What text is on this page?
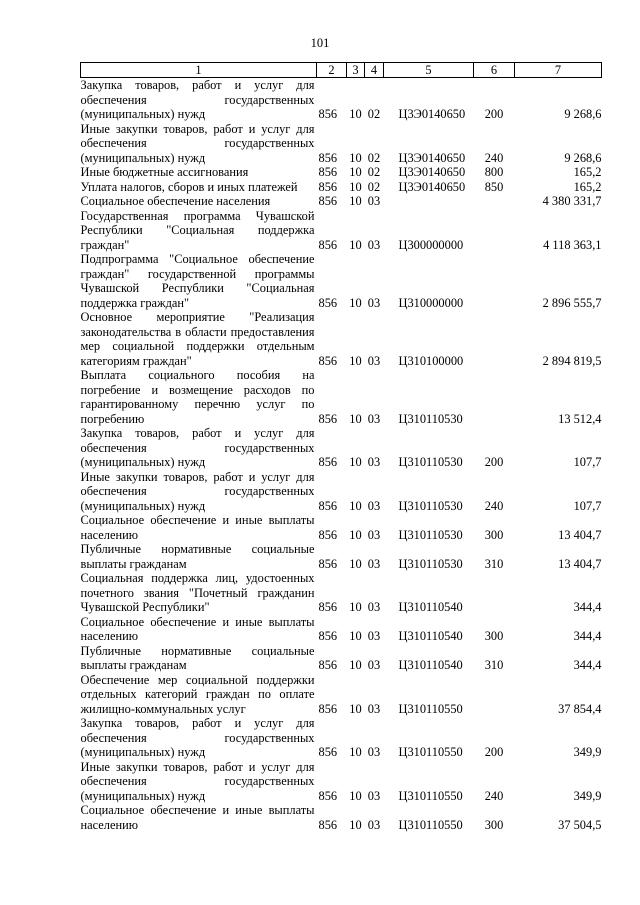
101
1	2	3	4	5	6	7
Закупка товаров, работ и услуг для обеспечения государственных (муниципальных) нужд	856	10	02	Ц3Э0140650	200	9 268,6
Иные закупки товаров, работ и услуг для обеспечения государственных (муниципальных) нужд	856	10	02	Ц3Э0140650	240	9 268,6
Иные бюджетные ассигнования	856	10	02	Ц3Э0140650	800	165,2
Уплата налогов, сборов и иных платежей	856	10	02	Ц3Э0140650	850	165,2
Социальное обеспечение населения	856	10	03			4 380 331,7
Государственная программа Чувашской Республики "Социальная поддержка граждан"	856	10	03	Ц300000000		4 118 363,1
Подпрограмма "Социальное обеспечение граждан" государственной программы Чувашской Республики "Социальная поддержка граждан"	856	10	03	Ц310000000		2 896 555,7
Основное мероприятие "Реализация законодательства в области предоставления мер социальной поддержки отдельным категориям граждан"	856	10	03	Ц310100000		2 894 819,5
Выплата социального пособия на погребение и возмещение расходов по гарантированному перечню услуг по погребению	856	10	03	Ц310110530		13 512,4
Закупка товаров, работ и услуг для обеспечения государственных (муниципальных) нужд	856	10	03	Ц310110530	200	107,7
Иные закупки товаров, работ и услуг для обеспечения государственных (муниципальных) нужд	856	10	03	Ц310110530	240	107,7
Социальное обеспечение и иные выплаты населению	856	10	03	Ц310110530	300	13 404,7
Публичные нормативные социальные выплаты гражданам	856	10	03	Ц310110530	310	13 404,7
Социальная поддержка лиц, удостоенных почетного звания "Почетный гражданин Чувашской Республики"	856	10	03	Ц310110540		344,4
Социальное обеспечение и иные выплаты населению	856	10	03	Ц310110540	300	344,4
Публичные нормативные социальные выплаты гражданам	856	10	03	Ц310110540	310	344,4
Обеспечение мер социальной поддержки отдельных категорий граждан по оплате жилищно-коммунальных услуг	856	10	03	Ц310110550		37 854,4
Закупка товаров, работ и услуг для обеспечения государственных (муниципальных) нужд	856	10	03	Ц310110550	200	349,9
Иные закупки товаров, работ и услуг для обеспечения государственных (муниципальных) нужд	856	10	03	Ц310110550	240	349,9
Социальное обеспечение и иные выплаты населению	856	10	03	Ц310110550	300	37 504,5
